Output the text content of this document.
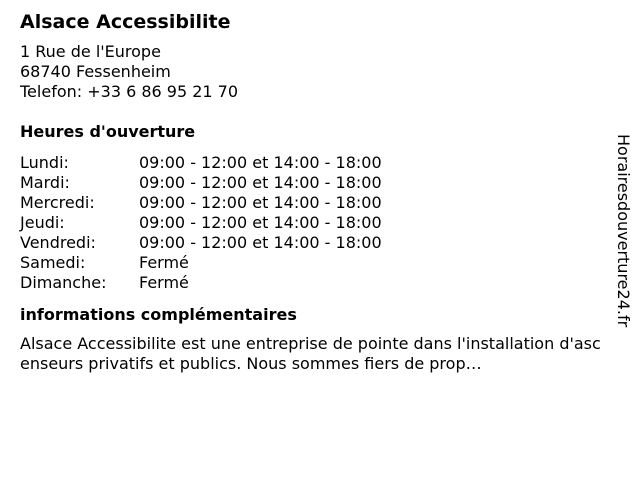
Alsace Accessibilite
1 Rue de l'Europe
68740 Fessenheim
Telefon: +33 6 86 95 21 70
Heures d'ouverture
Lundi:	09:00 - 12:00 et 14:00 - 18:00
Mardi:	09:00 - 12:00 et 14:00 - 18:00
Mercredi:	09:00 - 12:00 et 14:00 - 18:00
Jeudi:	09:00 - 12:00 et 14:00 - 18:00
Vendredi:	09:00 - 12:00 et 14:00 - 18:00
Samedi:	Fermé
Dimanche:	Fermé
informations complémentaires
Alsace Accessibilite est une entreprise de pointe dans l'installation d'ascenseurs privatifs et publics. Nous sommes fiers de prop…
Horairesdouverture24.fr
